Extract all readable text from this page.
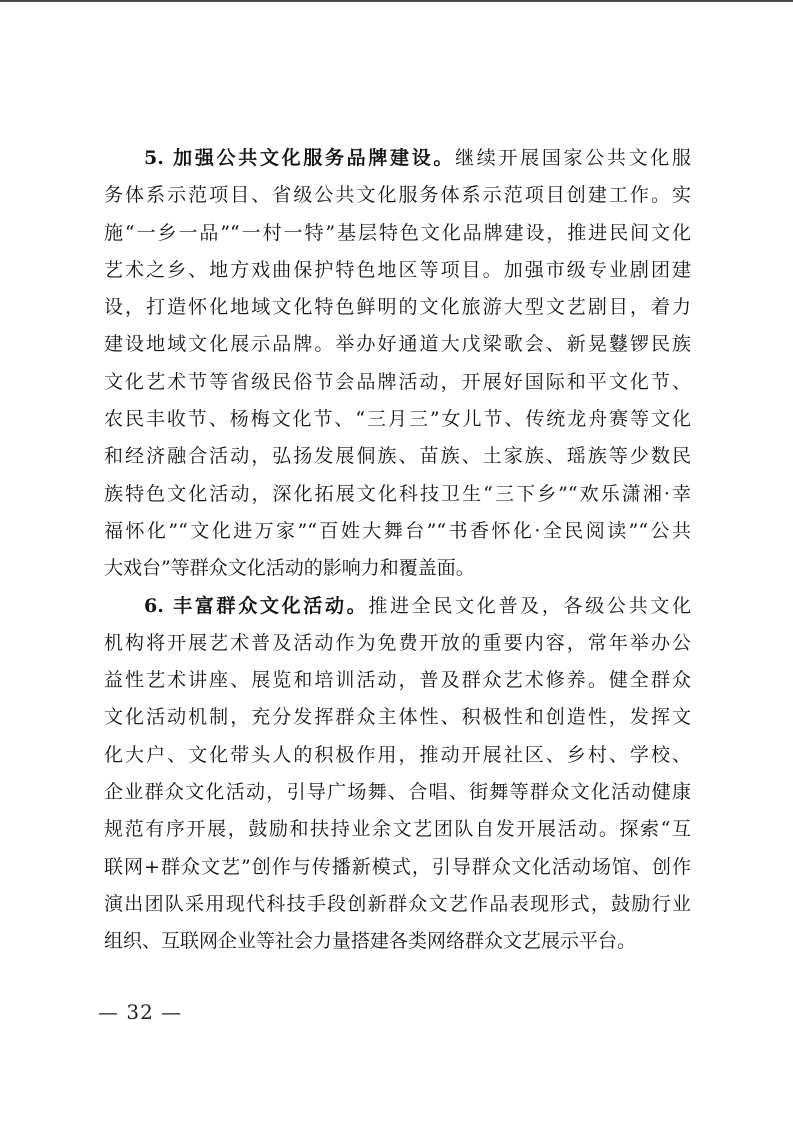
5. 加强公共文化服务品牌建设。继续开展国家公共文化服
务体系示范项目、省级公共文化服务体系示范项目创建工作。实
施“一乡一品”“一村一特”基层特色文化品牌建设，推进民间文化
艺术之乡、地方戏曲保护特色地区等项目。加强市级专业剧团建
设，打造怀化地域文化特色鲜明的文化旅游大型文艺剧目，着力
建设地域文化展示品牌。举办好通道大戊梁歌会、新晃鼟锣民族
文化艺术节等省级民俗节会品牌活动，开展好国际和平文化节、
农民丰收节、杨梅文化节、“三月三”女儿节、传统龙舟赛等文化
和经济融合活动，弘扬发展侗族、苗族、土家族、瑶族等少数民
族特色文化活动，深化拓展文化科技卫生“三下乡”“欢乐潇湘·幸
福怀化”“文化进万家”“百姓大舞台”“书香怀化·全民阅读”“公共
大戏台”等群众文化活动的影响力和覆盖面。
6. 丰富群众文化活动。推进全民文化普及，各级公共文化
机构将开展艺术普及活动作为免费开放的重要内容，常年举办公
益性艺术讲座、展览和培训活动，普及群众艺术修养。健全群众
文化活动机制，充分发挥群众主体性、积极性和创造性，发挥文
化大户、文化带头人的积极作用，推动开展社区、乡村、学校、
企业群众文化活动，引导广场舞、合唱、街舞等群众文化活动健康
规范有序开展，鼓励和扶持业余文艺团队自发开展活动。探索“互
联网+群众文艺”创作与传播新模式，引导群众文化活动场馆、创作
演出团队采用现代科技手段创新群众文艺作品表现形式，鼓励行业
组织、互联网企业等社会力量搭建各类网络群众文艺展示平台。
— 32 —
